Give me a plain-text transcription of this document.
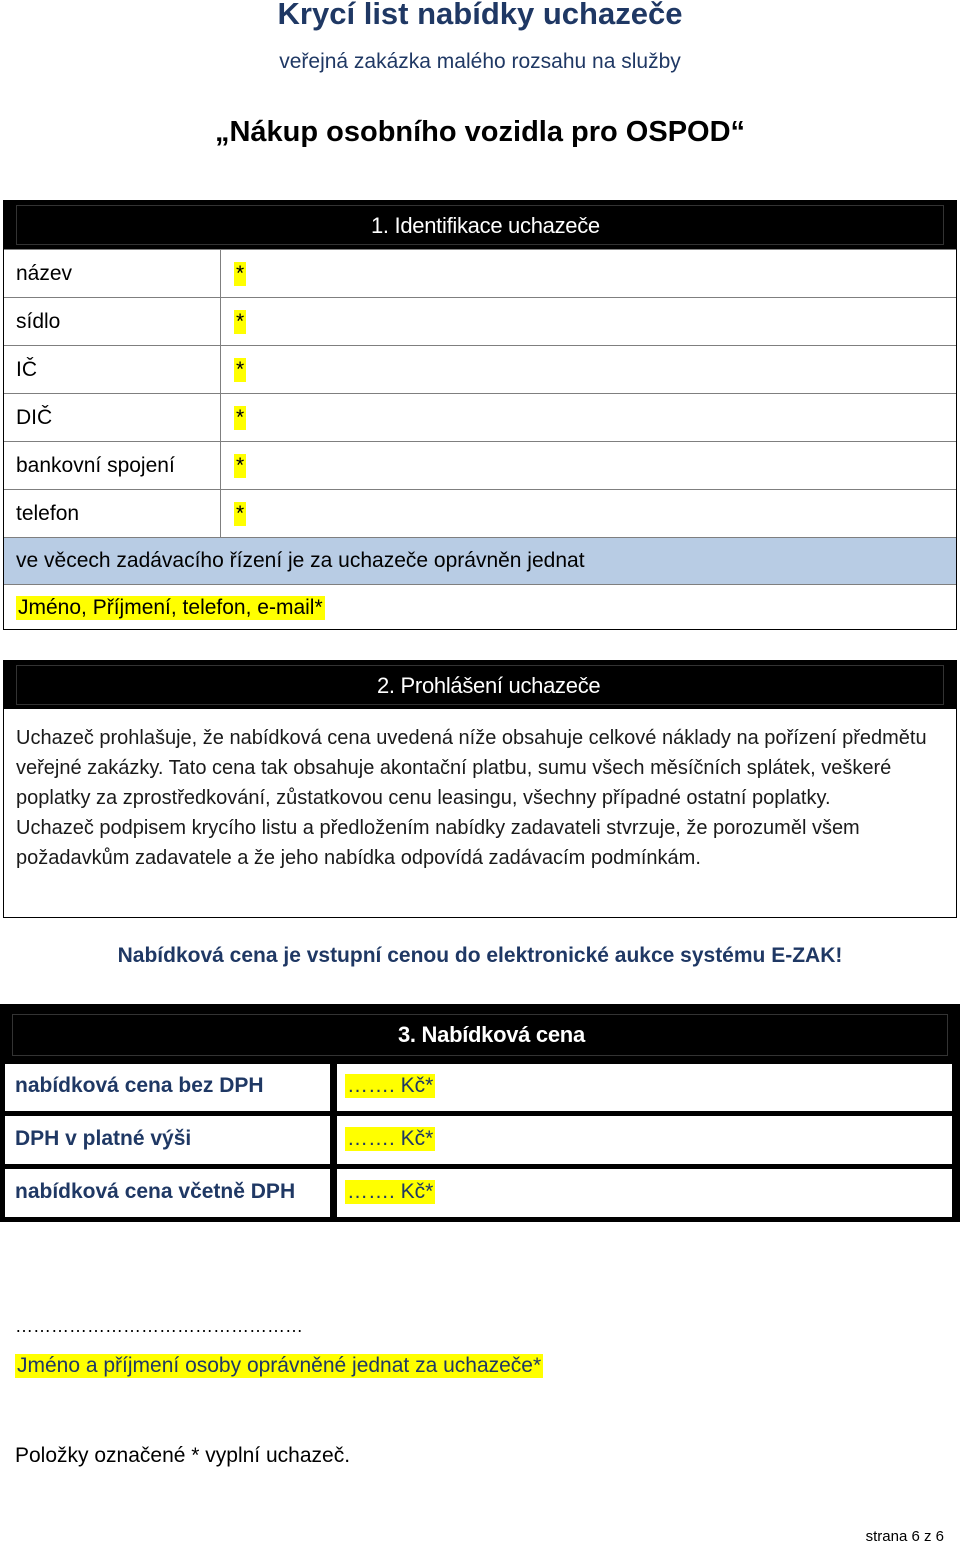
Krycí list nabídky uchazeče
veřejná zakázka malého rozsahu na služby
„Nákup osobního vozidla pro OSPOD“
1. Identifikace uchazeče
název	*
sídlo	*
IČ	*
DIČ	*
bankovní spojení	*
telefon	*
ve věcech zadávacího řízení je za uchazeče oprávněn jednat
Jméno, Příjmení, telefon, e-mail*
2. Prohlášení uchazeče

Uchazeč prohlašuje, že nabídková cena uvedená níže obsahuje celkové náklady na pořízení předmětu veřejné zakázky. Tato cena tak obsahuje akontační platbu, sumu všech měsíčních splátek, veškeré poplatky za zprostředkování, zůstatkovou cenu leasingu, všechny případné ostatní poplatky.

Uchazeč podpisem krycího listu a předložením nabídky zadavateli stvrzuje, že porozuměl všem požadavkům zadavatele a že jeho nabídka odpovídá zadávacím podmínkám.

Nabídková cena je vstupní cenou do elektronické aukce systému E-ZAK!
3. Nabídková cena
nabídková cena bez DPH	……. Kč*
DPH v platné výši	……. Kč*
nabídková cena včetně DPH ……. Kč*
…………………………………………
Jméno a příjmení osoby oprávněné jednat za uchazeče*
Položky označené * vyplní uchazeč.
strana 6 z 6
